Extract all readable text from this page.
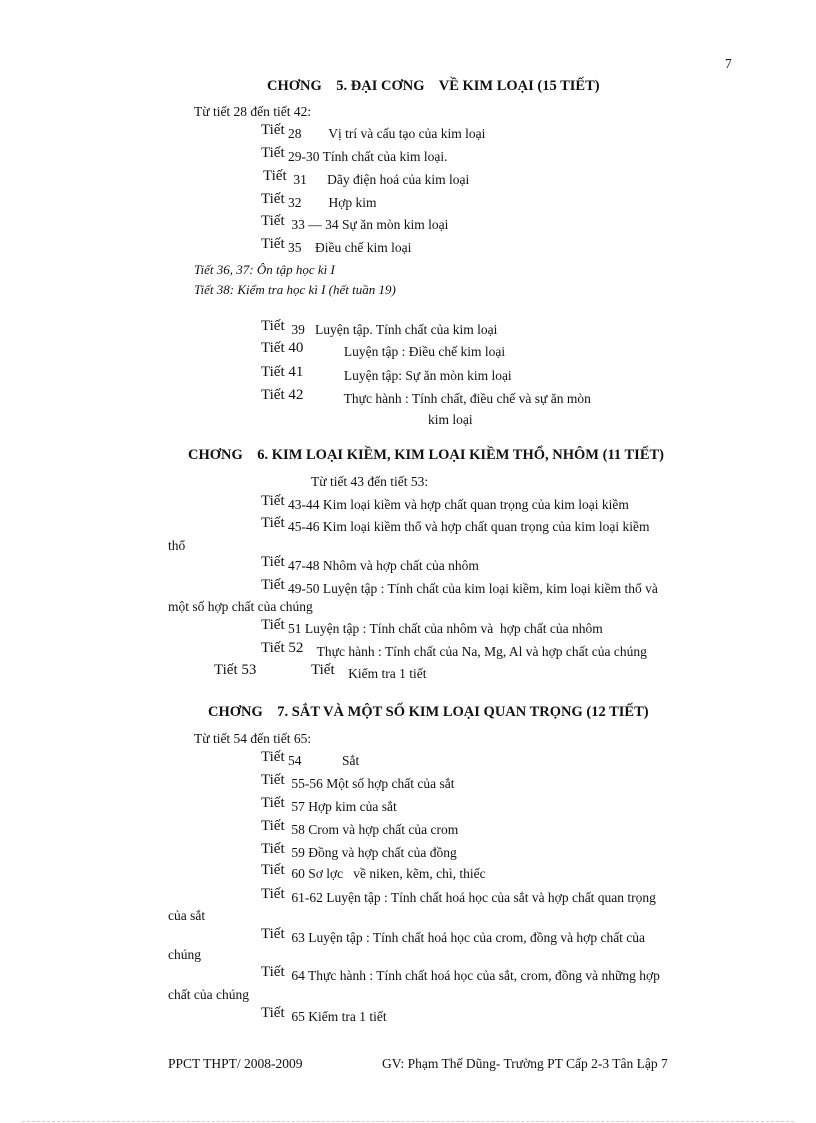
7
CHƠNG    5. ĐẠI CƠNG    VỀ KIM LOẠI (15 TIẾT)
Từ tiết 28 đến tiết 42:
Tiết 28        Vị trí và cấu tạo của kim loại
Tiết 29-30 Tính chất của kim loại.
Tiết  31      Dãy điện hoá của kim loại
Tiết 32        Hợp kim
Tiết  33 — 34 Sự ăn mòn kim loại
Tiết 35    Điều chế kim loại
Tiết 36, 37: Ôn tập học kì I
Tiết 38: Kiểm tra học kì I (hết tuần 19)
Tiết  39   Luyện tập. Tính chất của kim loại
Tiết 40            Luyện tập : Điều chế kim loại
Tiết 41            Luyện tập: Sự ăn mòn kim loại
Tiết 42            Thực hành : Tính chất, điều chế và sự ăn mòn
kim loại
CHƠNG    6. KIM LOẠI KIỀM, KIM LOẠI KIỀM THỔ, NHÔM (11 TIẾT)
Từ tiết 43 đến tiết 53:
Tiết 43-44 Kim loại kiềm và hợp chất quan trọng của kim loại kiềm
Tiết 45-46 Kim loại kiềm thổ và hợp chất quan trọng của kim loại kiềm
thổ
Tiết 47-48 Nhôm và hợp chất của nhôm
Tiết 49-50 Luyện tập : Tính chất của kim loại kiềm, kim loại kiềm thổ và
một số hợp chất của chúng
Tiết 51 Luyện tập : Tính chất của nhôm và  hợp chất của nhôm
Tiết 52    Thực hành : Tính chất của Na, Mg, Al và hợp chất của chúng
Tiết 53	Tiết    Kiểm tra 1 tiết
CHƠNG    7. SẮT VÀ MỘT SỐ KIM LOẠI QUAN TRỌNG (12 TIẾT)
Từ tiết 54 đến tiết 65:
Tiết 54            Sắt
Tiết  55-56 Một số hợp chất của sắt
Tiết  57 Hợp kim của sắt
Tiết  58 Crom và hợp chất của crom
Tiết  59 Đồng và hợp chất của đồng
Tiết  60 Sơ lợc   về niken, kẽm, chì, thiếc
Tiết  61-62 Luyện tập : Tính chất hoá học của sắt và hợp chất quan trọng
của sắt
Tiết  63 Luyện tập : Tính chất hoá học của crom, đồng và hợp chất của
chúng
Tiết  64 Thực hành : Tính chất hoá học của sắt, crom, đồng và những hợp
chất của chúng
Tiết  65 Kiểm tra 1 tiết
PPCT THPT/ 2008-2009	GV: Phạm Thế Dũng- Trường PT Cấp 2-3 Tân Lập 7
